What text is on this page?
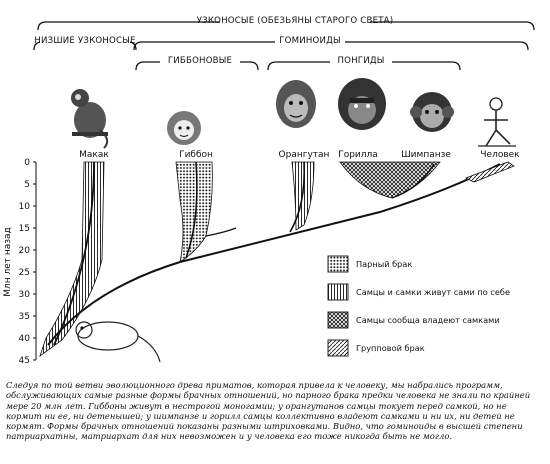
УЗКОНОСЫЕ (ОБЕЗЬЯНЫ СТАРОГО СВЕТА)
НИЗШИЕ УЗКОНОСЫЕ	ГОМИНОИДЫ
ГИББОНОВЫЕ	ПОНГИДЫ
Макак	Гиббон	Орангутан Горилла	Шимпанзе	Человек
0
5
10
15
20
25
30
35
40
45
Млн лет назад	Парный брак
Самцы и самки живут сами по себе
Самцы сообща владеют самками
Групповой брак

Следуя по той ветви эволюционного древа приматов, которая привела к человеку, мы набрались программ, обслуживающих самые разные формы брачных отношений, но парного брака предки человека не знали по крайней мере 20 млн лет. Гиббоны живут в нестрогой моногамии; у орангутанов самцы токует перед самкой, но не кормит ни ее, ни детенышей; у шимпанзе и горилл самцы коллективно владеют самками и ни их, ни детей не кормят. Формы брачных отношений показаны разными штриховками. Видно, что гоминоиды в высшей степени патриархатны, матриархат для них невозможен и у человека его тоже никогда быть не могло.
